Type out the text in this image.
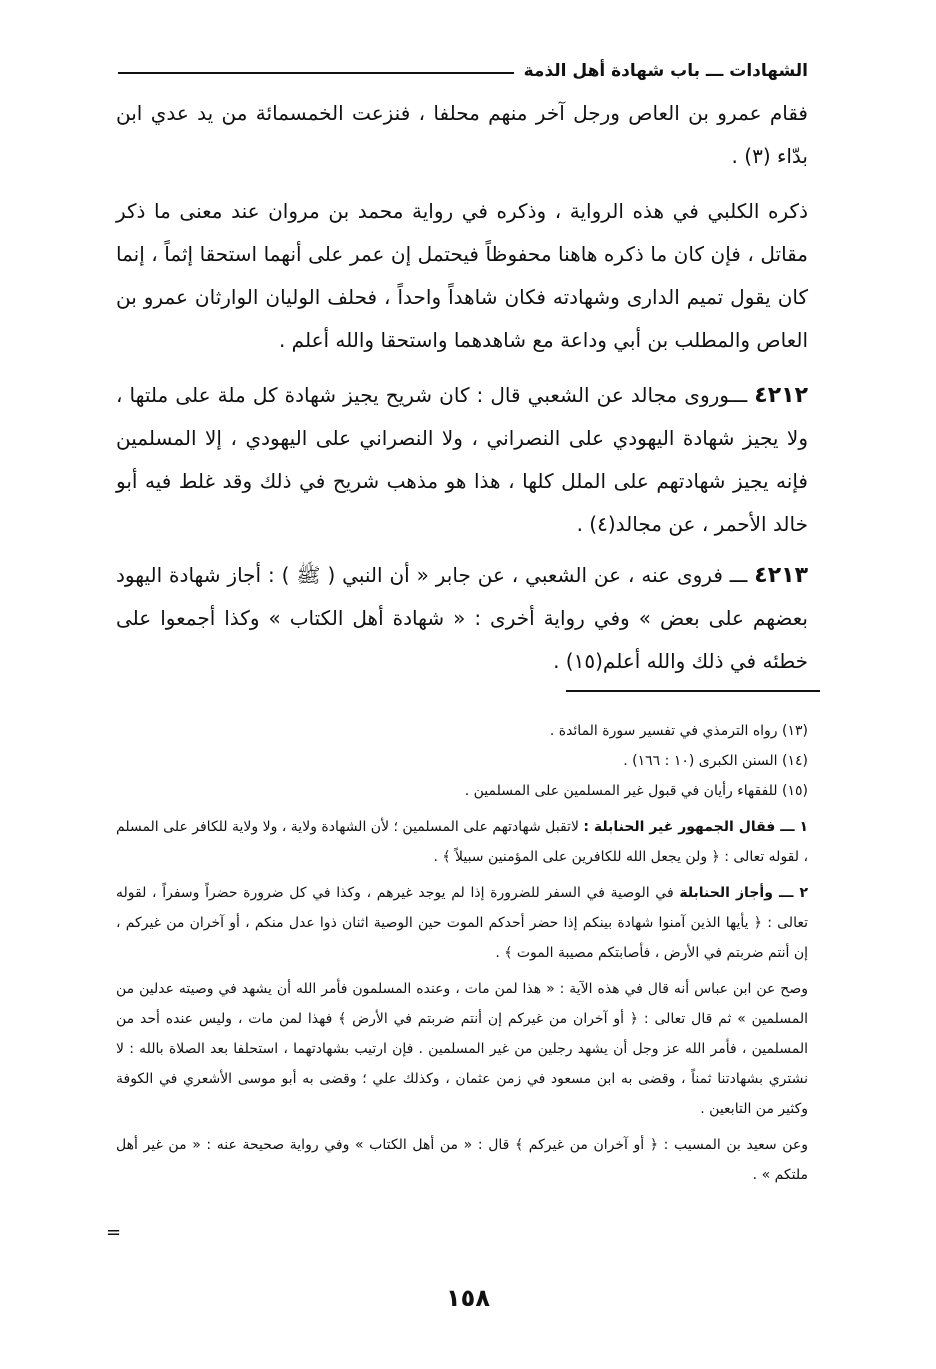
الشهادات ـــ باب شهادة أهل الذمة

فقام عمرو بن العاص ورجل آخر منهم محلفا ، فنزعت الخمسمائة من يد عدي ابن بدّاء (٣) .

ذكره الكلبي في هذه الرواية ، وذكره في رواية محمد بن مروان عند معنى ما ذكر مقاتل ، فإن كان ما ذكره هاهنا محفوظاً فيحتمل إن عمر على أنهما استحقا إثماً ، إنما كان يقول تميم الدارى وشهادته فكان شاهداً واحداً ، فحلف الوليان الوارثان عمرو بن العاص والمطلب بن أبي وداعة مع شاهدهما واستحقا والله أعلم .

٤٢١٢ ـــوروى مجالد عن الشعبي قال : كان شريح يجيز شهادة كل ملة على ملتها ، ولا يجيز شهادة اليهودي على النصراني ، ولا النصراني على اليهودي ، إلا المسلمين فإنه يجيز شهادتهم على الملل كلها ، هذا هو مذهب شريح في ذلك وقد غلط فيه أبو خالد الأحمر ، عن مجالد(٤) .

٤٢١٣ ـــ فروى عنه ، عن الشعبي ، عن جابر « أن النبي ( ﷺ ) : أجاز شهادة اليهود بعضهم على بعض » وفي رواية أخرى : « شهادة أهل الكتاب » وكذا أجمعوا على خطئه في ذلك والله أعلم(١٥) .

(١٣) رواه الترمذي في تفسير سورة المائدة .

(١٤) السنن الكبرى (١٠ : ١٦٦) .

(١٥) للفقهاء رأيان في قبول غير المسلمين على المسلمين .

١ ـــ فقال الجمهور غير الحنابلة : لاتقبل شهادتهم على المسلمين ؛ لأن الشهادة ولاية ، ولا ولاية للكافر على المسلم ، لقوله تعالى : ﴿ ولن يجعل الله للكافرين على المؤمنين سبيلاً ﴾ .

٢ ـــ وأجاز الحنابلة في الوصية في السفر للضرورة إذا لم يوجد غيرهم ، وكذا في كل ضرورة حضراً وسفراً ، لقوله تعالى : ﴿ يأيها الذين آمنوا شهادة بينكم إذا حضر أحدكم الموت حين الوصية اثنان ذوا عدل منكم ، أو آخران من غيركم ، إن أنتم ضربتم في الأرض ، فأصابتكم مصيبة الموت ﴾ .

وصح عن ابن عباس أنه قال في هذه الآية : « هذا لمن مات ، وعنده المسلمون فأمر الله أن يشهد في وصيته عدلين من المسلمين » ثم قال تعالى : ﴿ أو آخران من غيركم إن أنتم ضربتم في الأرض ﴾ فهذا لمن مات ، وليس عنده أحد من المسلمين ، فأمر الله عز وجل أن يشهد رجلين من غير المسلمين . فإن ارتيب بشهادتهما ، استحلفا بعد الصلاة بالله : لا نشتري بشهادتنا ثمناً ، وقضى به ابن مسعود في زمن عثمان ، وكذلك علي ؛ وقضى به أبو موسى الأشعري في الكوفة وكثير من التابعين .

وعن سعيد بن المسيب : ﴿ أو آخران من غيركم ﴾ قال : « من أهل الكتاب » وفي رواية صحيحة عنه : « من غير أهل ملتكم » .

=
١٥٨
